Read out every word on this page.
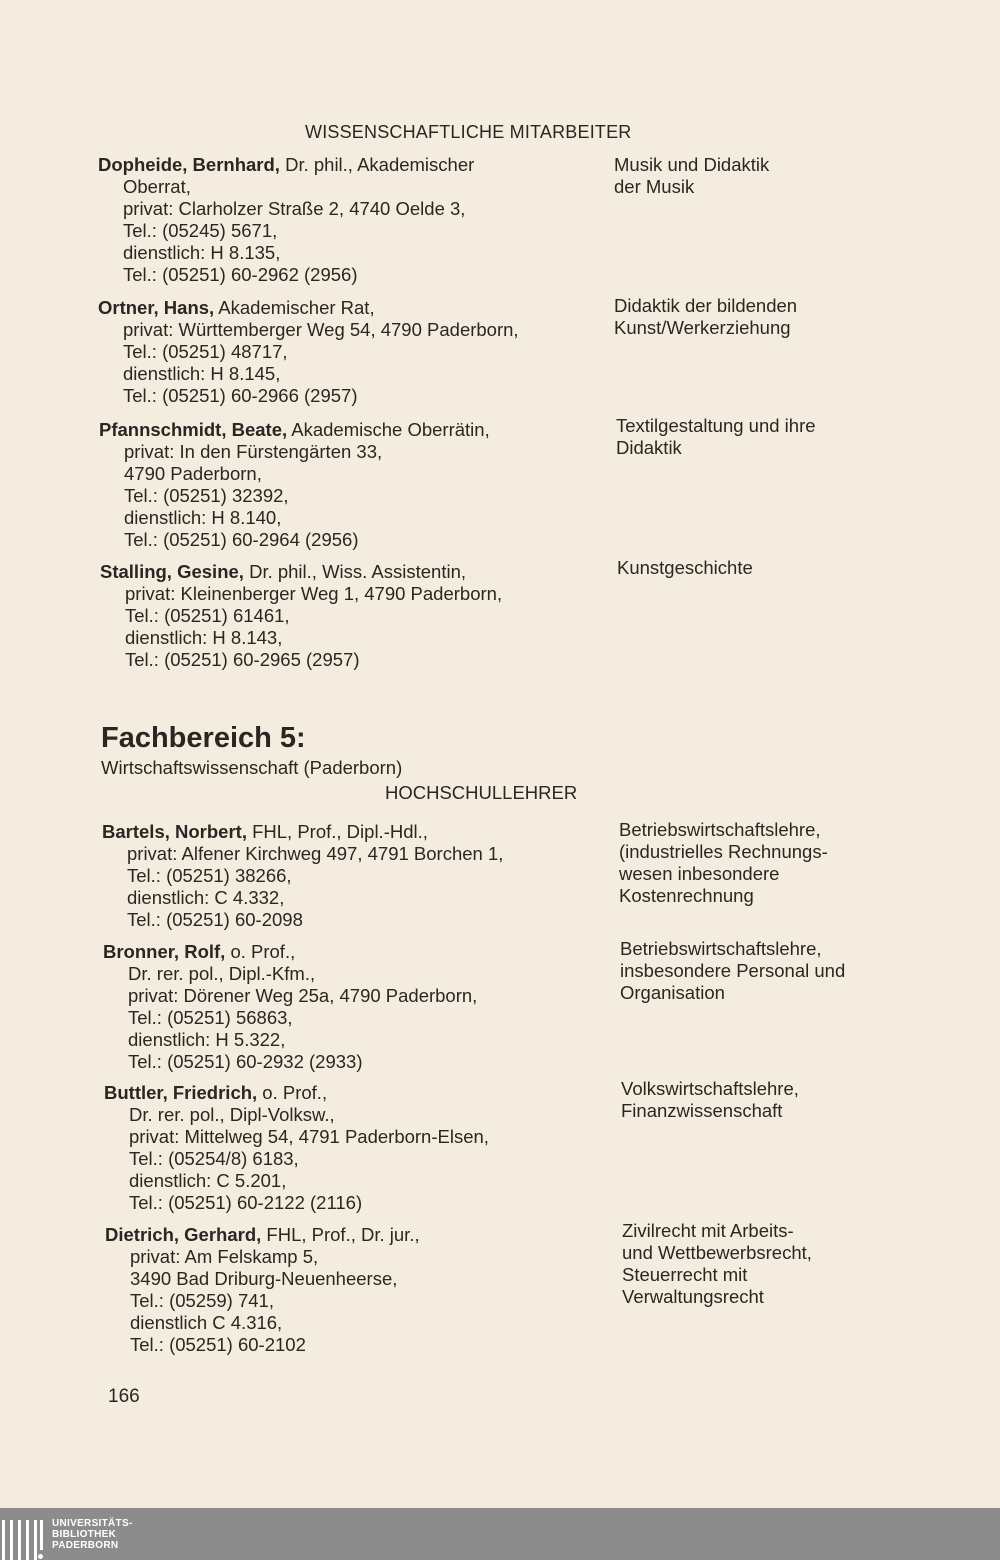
WISSENSCHAFTLICHE MITARBEITER
Dopheide, Bernhard, Dr. phil., Akademischer
Oberrat,
privat: Clarholzer Straße 2, 4740 Oelde 3,
Tel.: (05245) 5671,
dienstlich: H 8.135,
Tel.: (05251) 60-2962 (2956)
Musik und Didaktik
der Musik
Ortner, Hans, Akademischer Rat,
privat: Württemberger Weg 54, 4790 Paderborn,
Tel.: (05251) 48717,
dienstlich: H 8.145,
Tel.: (05251) 60-2966 (2957)
Didaktik der bildenden
Kunst/Werkerziehung
Pfannschmidt, Beate, Akademische Oberrätin,
privat: In den Fürstengärten 33,
4790 Paderborn,
Tel.: (05251) 32392,
dienstlich: H 8.140,
Tel.: (05251) 60-2964 (2956)
Textilgestaltung und ihre
Didaktik
Stalling, Gesine, Dr. phil., Wiss. Assistentin,
privat: Kleinenberger Weg 1, 4790 Paderborn,
Tel.: (05251) 61461,
dienstlich: H 8.143,
Tel.: (05251) 60-2965 (2957)
Kunstgeschichte
Fachbereich 5:
Wirtschaftswissenschaft (Paderborn)
HOCHSCHULLEHRER
Bartels, Norbert, FHL, Prof., Dipl.-Hdl.,
privat: Alfener Kirchweg 497, 4791 Borchen 1,
Tel.: (05251) 38266,
dienstlich: C 4.332,
Tel.: (05251) 60-2098
Betriebswirtschaftslehre,
(industrielles Rechnungs-
wesen inbesondere
Kostenrechnung
Bronner, Rolf, o. Prof.,
Dr. rer. pol., Dipl.-Kfm.,
privat: Dörener Weg 25a, 4790 Paderborn,
Tel.: (05251) 56863,
dienstlich: H 5.322,
Tel.: (05251) 60-2932 (2933)
Betriebswirtschaftslehre,
insbesondere Personal und
Organisation
Buttler, Friedrich, o. Prof.,
Dr. rer. pol., Dipl-Volksw.,
privat: Mittelweg 54, 4791 Paderborn-Elsen,
Tel.: (05254/8) 6183,
dienstlich: C 5.201,
Tel.: (05251) 60-2122 (2116)
Volkswirtschaftslehre,
Finanzwissenschaft
Dietrich, Gerhard, FHL, Prof., Dr. jur.,
privat: Am Felskamp 5,
3490 Bad Driburg-Neuenheerse,
Tel.: (05259) 741,
dienstlich C 4.316,
Tel.: (05251) 60-2102
Zivilrecht mit Arbeits-
und Wettbewerbsrecht,
Steuerrecht mit
Verwaltungsrecht
166
UNIVERSITÄTS-
BIBLIOTHEK
PADERBORN
